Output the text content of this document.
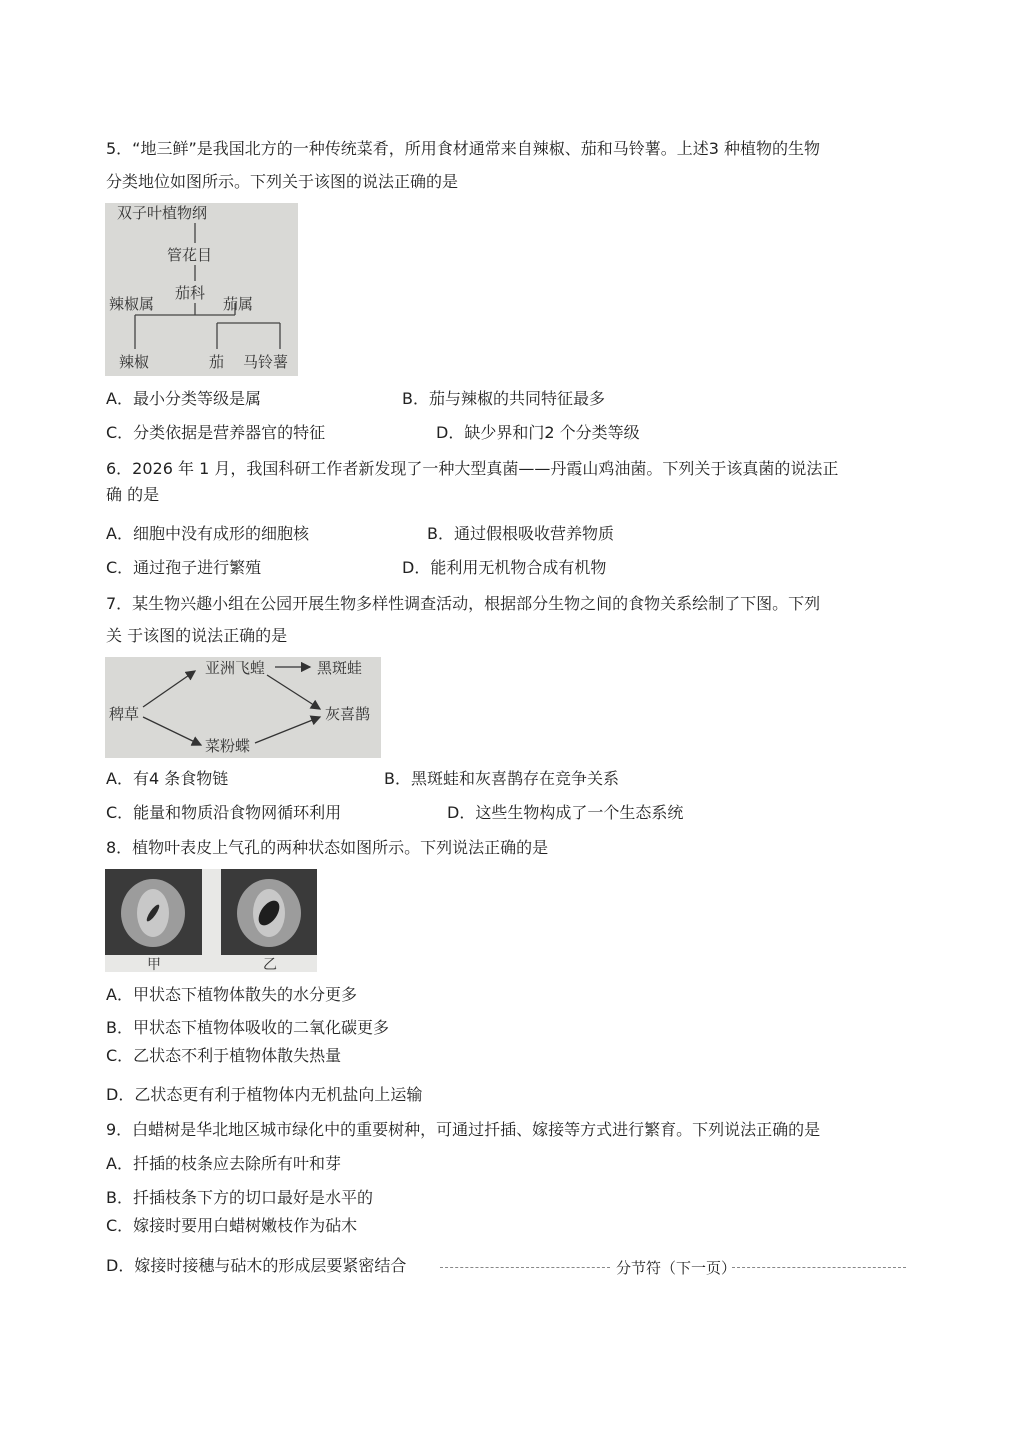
5．“地三鲜”是我国北方的一种传统菜肴，所用食材通常来自辣椒、茄和马铃薯。上述3 种植物的生物
分类地位如图所示。下列关于该图的说法正确的是
双子叶植物纲
管花目
茄科
辣椒属	茄属
辣椒	茄 马铃薯
A．最小分类等级是属	B．茄与辣椒的共同特征最多
C．分类依据是营养器官的特征	D．缺少界和门2 个分类等级
6．2026 年 1 月，我国科研工作者新发现了一种大型真菌——丹霞山鸡油菌。下列关于该真菌的说法正
确 的是
A．细胞中没有成形的细胞核	B．通过假根吸收营养物质
C．通过孢子进行繁殖	D．能利用无机物合成有机物
7．某生物兴趣小组在公园开展生物多样性调查活动，根据部分生物之间的食物关系绘制了下图。下列
关 于该图的说法正确的是
稗草
亚洲飞蝗
菜粉蝶
黑斑蛙
灰喜鹊
A．有4 条食物链	B．黑斑蛙和灰喜鹊存在竞争关系
C．能量和物质沿食物网循环利用	D．这些生物构成了一个生态系统
8．植物叶表皮上气孔的两种状态如图所示。下列说法正确的是
甲	乙
A．甲状态下植物体散失的水分更多
B．甲状态下植物体吸收的二氧化碳更多
C．乙状态不利于植物体散失热量
D．乙状态更有利于植物体内无机盐向上运输
9．白蜡树是华北地区城市绿化中的重要树种，可通过扦插、嫁接等方式进行繁育。下列说法正确的是
A．扦插的枝条应去除所有叶和芽
B．扦插枝条下方的切口最好是水平的
C．嫁接时要用白蜡树嫩枝作为砧木
D．嫁接时接穗与砧木的形成层要紧密结合	分节符（下一页）
